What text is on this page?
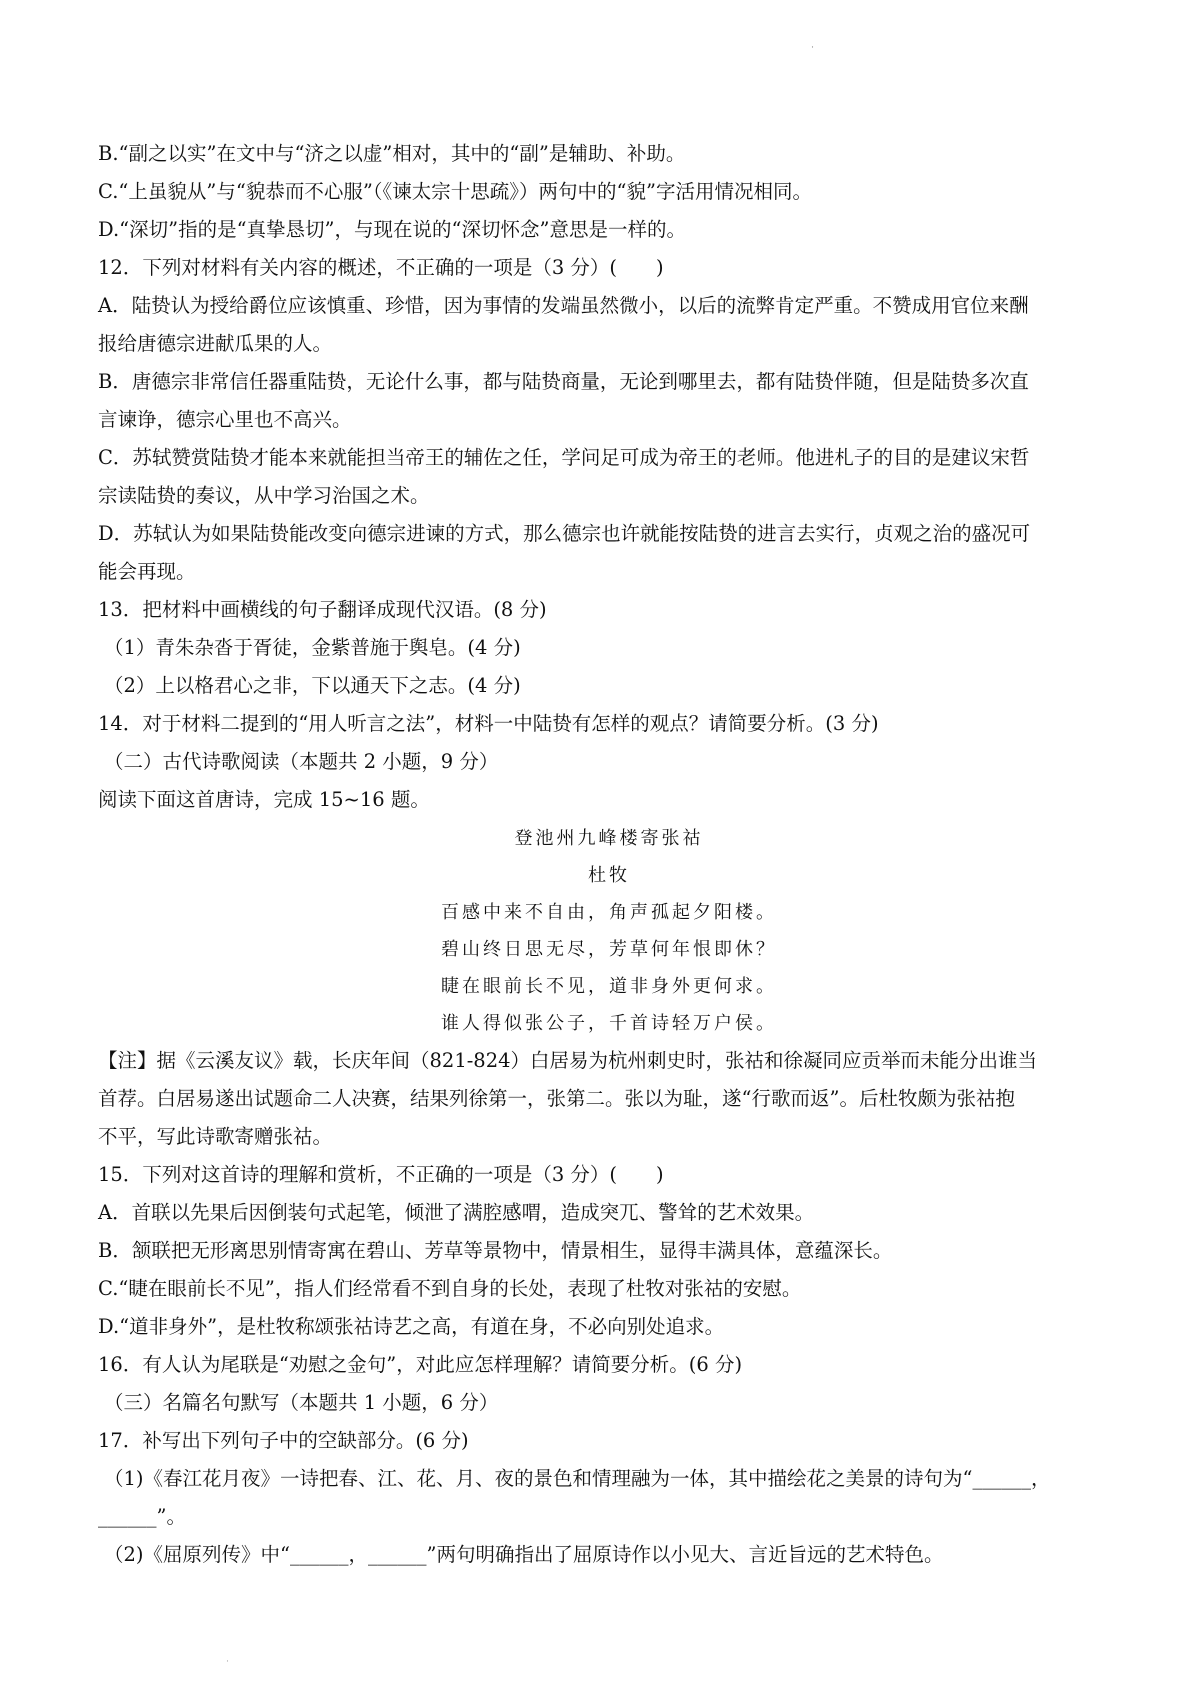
˙
B.“副之以实”在文中与“济之以虚”相对，其中的“副”是辅助、补助。
C.“上虽貌从”与“貌恭而不心服”（《谏太宗十思疏》）两句中的“貌”字活用情况相同。
D.“深切”指的是“真挚恳切”，与现在说的“深切怀念”意思是一样的。
12．下列对材料有关内容的概述，不正确的一项是（3 分）(　　)
A．陆贽认为授给爵位应该慎重、珍惜，因为事情的发端虽然微小，以后的流弊肯定严重。不赞成用官位来酬
报给唐德宗进献瓜果的人。
B．唐德宗非常信任器重陆贽，无论什么事，都与陆贽商量，无论到哪里去，都有陆贽伴随，但是陆贽多次直
言谏诤，德宗心里也不高兴。
C．苏轼赞赏陆贽才能本来就能担当帝王的辅佐之任，学问足可成为帝王的老师。他进札子的目的是建议宋哲
宗读陆贽的奏议，从中学习治国之术。
D．苏轼认为如果陆贽能改变向德宗进谏的方式，那么德宗也许就能按陆贽的进言去实行，贞观之治的盛况可
能会再现。
13．把材料中画横线的句子翻译成现代汉语。(8 分)
（1）青朱杂沓于胥徒，金紫普施于舆皂。(4 分)
（2）上以格君心之非，下以通天下之志。(4 分)
14．对于材料二提到的“用人听言之法”，材料一中陆贽有怎样的观点？请简要分析。(3 分)
（二）古代诗歌阅读（本题共 2 小题，9 分）
阅读下面这首唐诗，完成 15~16 题。
登池州九峰楼寄张祜
杜牧
百感中来不自由，角声孤起夕阳楼。
碧山终日思无尽，芳草何年恨即休？
睫在眼前长不见，道非身外更何求。
谁人得似张公子，千首诗轻万户侯。
【注】据《云溪友议》载，长庆年间（821-824）白居易为杭州刺史时，张祜和徐凝同应贡举而未能分出谁当
首荐。白居易遂出试题命二人决赛，结果列徐第一，张第二。张以为耻，遂“行歌而返”。后杜牧颇为张祜抱
不平，写此诗歌寄赠张祜。
15．下列对这首诗的理解和赏析，不正确的一项是（3 分）(　　)
A．首联以先果后因倒装句式起笔，倾泄了满腔感喟，造成突兀、警耸的艺术效果。
B．颔联把无形离思别情寄寓在碧山、芳草等景物中，情景相生，显得丰满具体，意蕴深长。
C.“睫在眼前长不见”，指人们经常看不到自身的长处，表现了杜牧对张祜的安慰。
D.“道非身外”，是杜牧称颂张祜诗艺之高，有道在身，不必向别处追求。
16．有人认为尾联是“劝慰之金句”，对此应怎样理解？请简要分析。(6 分)
（三）名篇名句默写（本题共 1 小题，6 分）
17．补写出下列句子中的空缺部分。(6 分)
（1)《春江花月夜》一诗把春、江、花、月、夜的景色和情理融为一体，其中描绘花之美景的诗句为“______，
______”。
（2)《屈原列传》中“______，______”两句明确指出了屈原诗作以小见大、言近旨远的艺术特色。
˙
